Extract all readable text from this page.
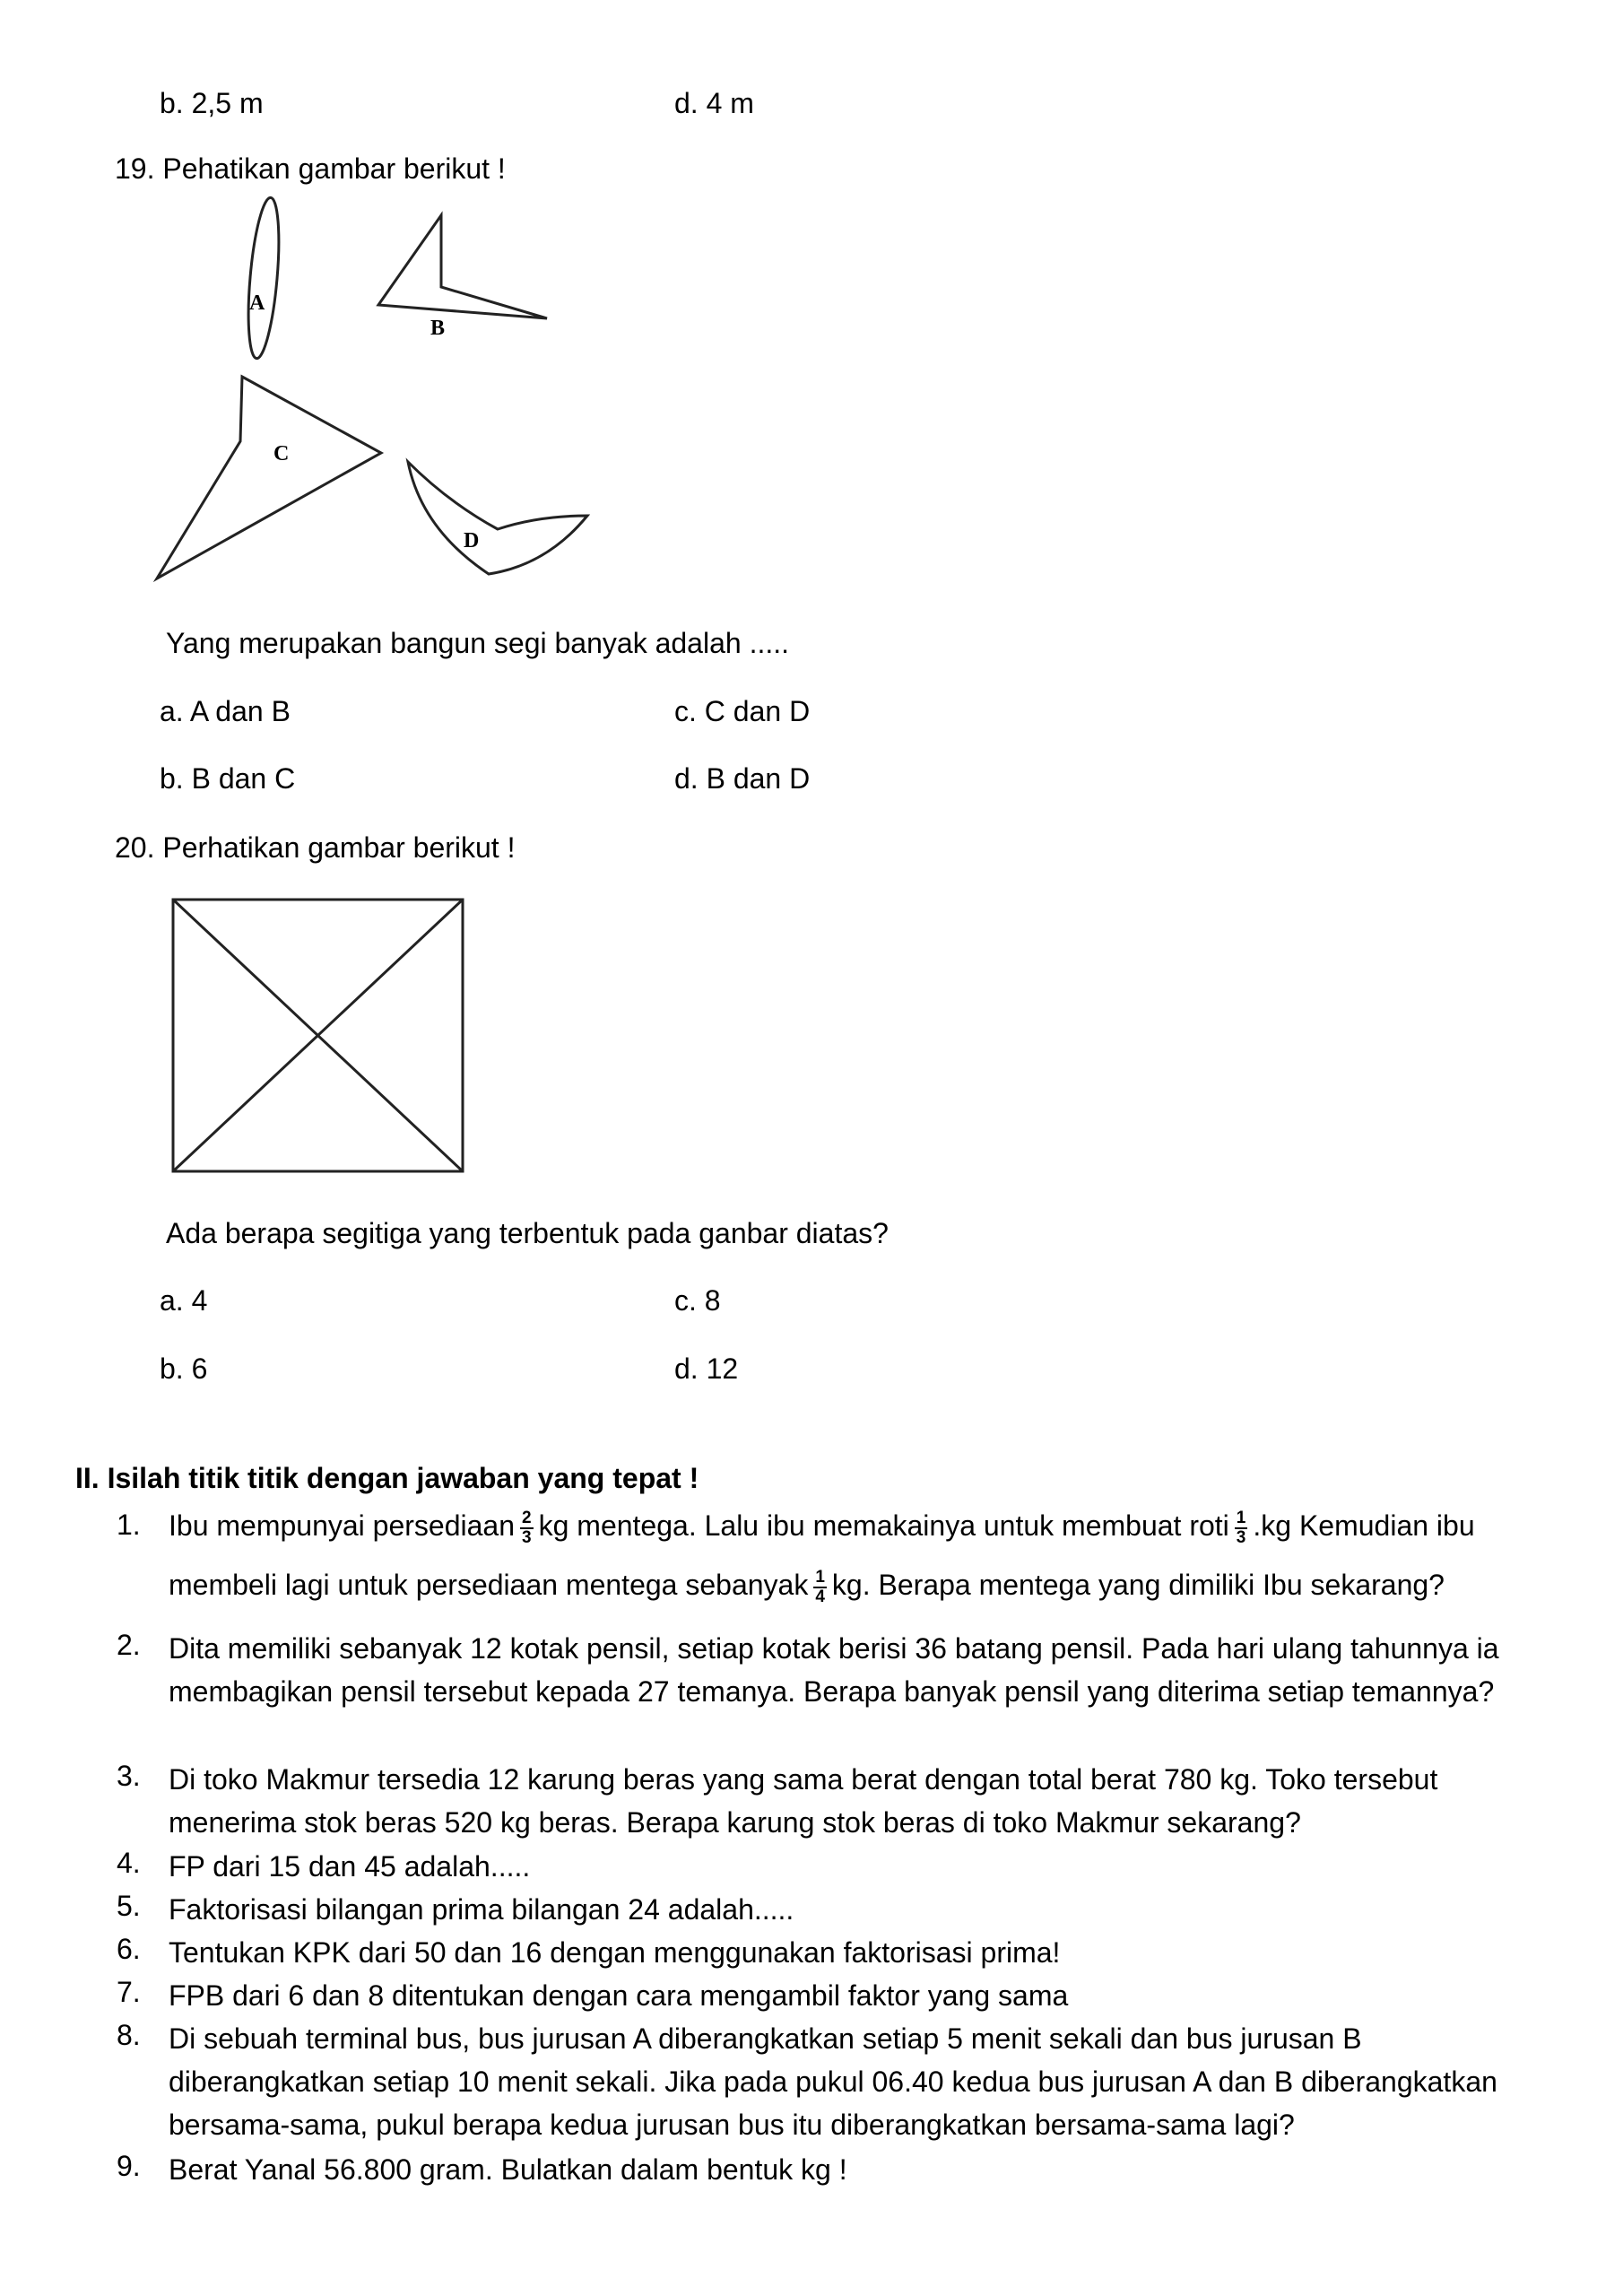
b. 2,5 m	d. 4 m
19. Pehatikan gambar berikut !
A
B
C
D
Yang merupakan bangun segi banyak adalah .....
a. A dan B	c. C dan D
b. B dan C	d. B dan D
20. Perhatikan gambar berikut !
Ada berapa segitiga yang terbentuk pada ganbar diatas?
a. 4	c. 8
b. 6	d. 12
II. Isilah titik titik dengan jawaban yang tepat !
1. Ibu mempunyai persediaan $\frac{2}{3}$ kg mentega. Lalu ibu memakainya untuk membuat roti $\frac{1}{3} .kg$ Kemudian ibu membeli lagi untuk persediaan mentega sebanyak $\frac{1}{4}$ kg. Berapa mentega yang dimiliki Ibu sekarang?
2. Dita memiliki sebanyak 12 kotak pensil, setiap kotak berisi 36 batang pensil. Pada hari ulang tahunnya ia membagikan pensil tersebut kepada 27 temanya. Berapa banyak pensil yang diterima setiap temannya?
3. Di toko Makmur tersedia 12 karung beras yang sama berat dengan total berat 780 kg. Toko tersebut menerima stok beras 520 kg beras. Berapa karung stok beras di toko Makmur sekarang?
4. FP dari 15 dan 45 adalah.....
5. Faktorisasi bilangan prima bilangan 24 adalah.....
6. Tentukan KPK dari 50 dan 16 dengan menggunakan faktorisasi prima!
7. FPB dari 6 dan 8 ditentukan dengan cara mengambil faktor yang sama
8. Di sebuah terminal bus, bus jurusan A diberangkatkan setiap 5 menit sekali dan bus jurusan B diberangkatkan setiap 10 menit sekali. Jika pada pukul 06.40 kedua bus jurusan A dan B diberangkatkan bersama-sama, pukul berapa kedua jurusan bus itu diberangkatkan bersama-sama lagi?
9. Berat Yanal 56.800 gram. Bulatkan dalam bentuk kg !
